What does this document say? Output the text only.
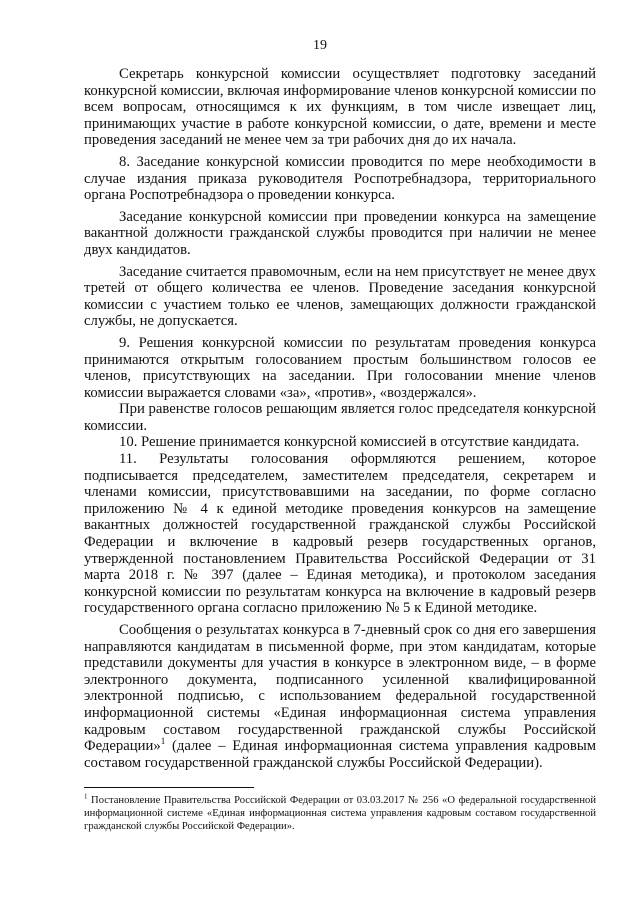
19

Секретарь конкурсной комиссии осуществляет подготовку заседаний конкурсной комиссии, включая информирование членов конкурсной комиссии по всем вопросам, относящимся к их функциям, в том числе извещает лиц, принимающих участие в работе конкурсной комиссии, о дате, времени и месте проведения заседаний не менее чем за три рабочих дня до их начала.

8. Заседание конкурсной комиссии проводится по мере необходимости в случае издания приказа руководителя Роспотребнадзора, территориального органа Роспотребнадзора о проведении конкурса.

Заседание конкурсной комиссии при проведении конкурса на замещение вакантной должности гражданской службы проводится при наличии не менее двух кандидатов.

Заседание считается правомочным, если на нем присутствует не менее двух третей от общего количества ее членов. Проведение заседания конкурсной комиссии с участием только ее членов, замещающих должности гражданской службы, не допускается.

9. Решения конкурсной комиссии по результатам проведения конкурса принимаются открытым голосованием простым большинством голосов ее членов, присутствующих на заседании. При голосовании мнение членов комиссии выражается словами «за», «против», «воздержался».

При равенстве голосов решающим является голос председателя конкурсной комиссии.

10. Решение принимается конкурсной комиссией в отсутствие кандидата.

11. Результаты голосования оформляются решением, которое подписывается председателем, заместителем председателя, секретарем и членами комиссии, присутствовавшими на заседании, по форме согласно приложению № 4 к единой методике проведения конкурсов на замещение вакантных должностей государственной гражданской службы Российской Федерации и включение в кадровый резерв государственных органов, утвержденной постановлением Правительства Российской Федерации от 31 марта 2018 г. № 397 (далее – Единая методика), и протоколом заседания конкурсной комиссии по результатам конкурса на включение в кадровый резерв государственного органа согласно приложению № 5 к Единой методике.

Сообщения о результатах конкурса в 7-дневный срок со дня его завершения направляются кандидатам в письменной форме, при этом кандидатам, которые представили документы для участия в конкурсе в электронном виде, – в форме электронного документа, подписанного усиленной квалифицированной электронной подписью, с использованием федеральной государственной информационной системы «Единая информационная система управления кадровым составом государственной гражданской службы Российской Федерации»$^1$ (далее – Единая информационная система управления кадровым составом государственной гражданской службы Российской Федерации).

$^1$ Постановление Правительства Российской Федерации от 03.03.2017 № 256 «О федеральной государственной информационной системе «Единая информационная система управления кадровым составом государственной гражданской службы Российской Федерации».
